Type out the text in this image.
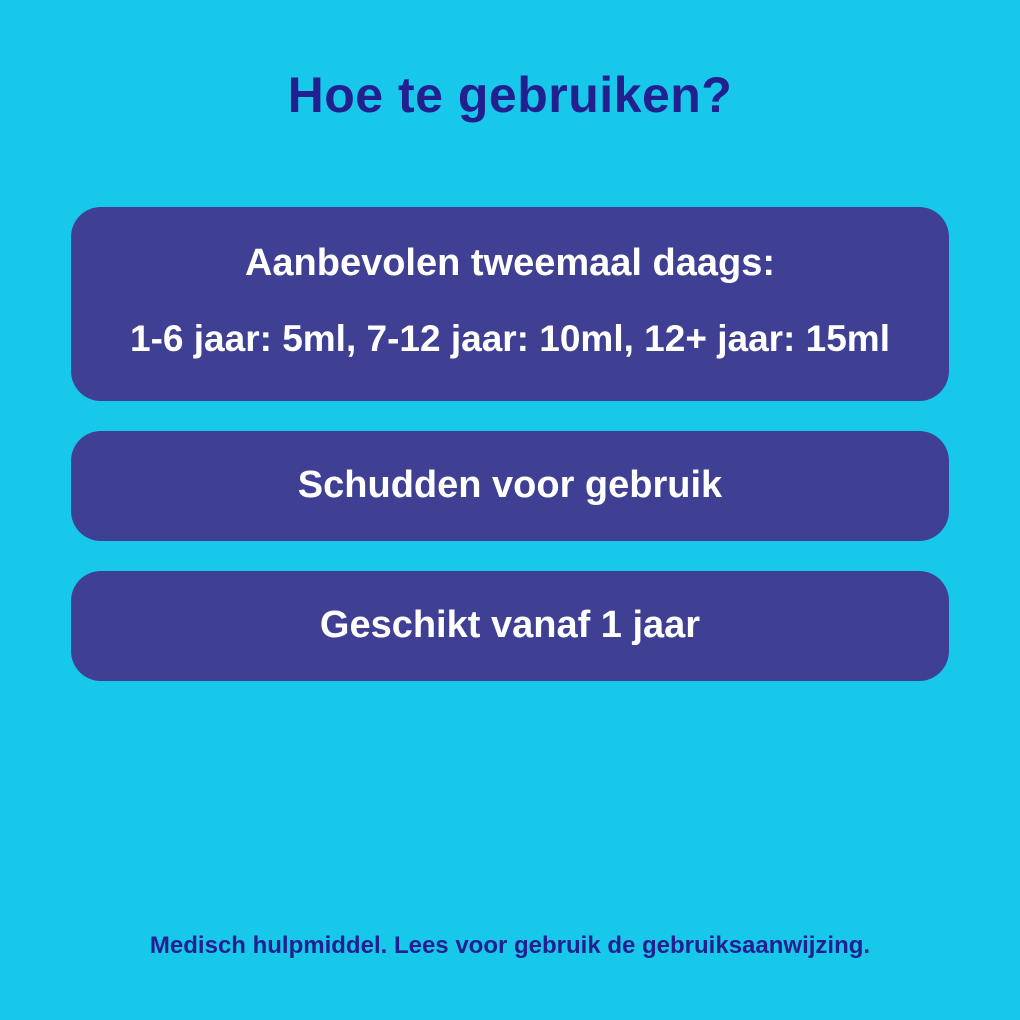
Hoe te gebruiken?
Aanbevolen tweemaal daags:
1-6 jaar: 5ml, 7-12 jaar: 10ml, 12+ jaar: 15ml
Schudden voor gebruik
Geschikt vanaf 1 jaar
Medisch hulpmiddel. Lees voor gebruik de gebruiksaanwijzing.
